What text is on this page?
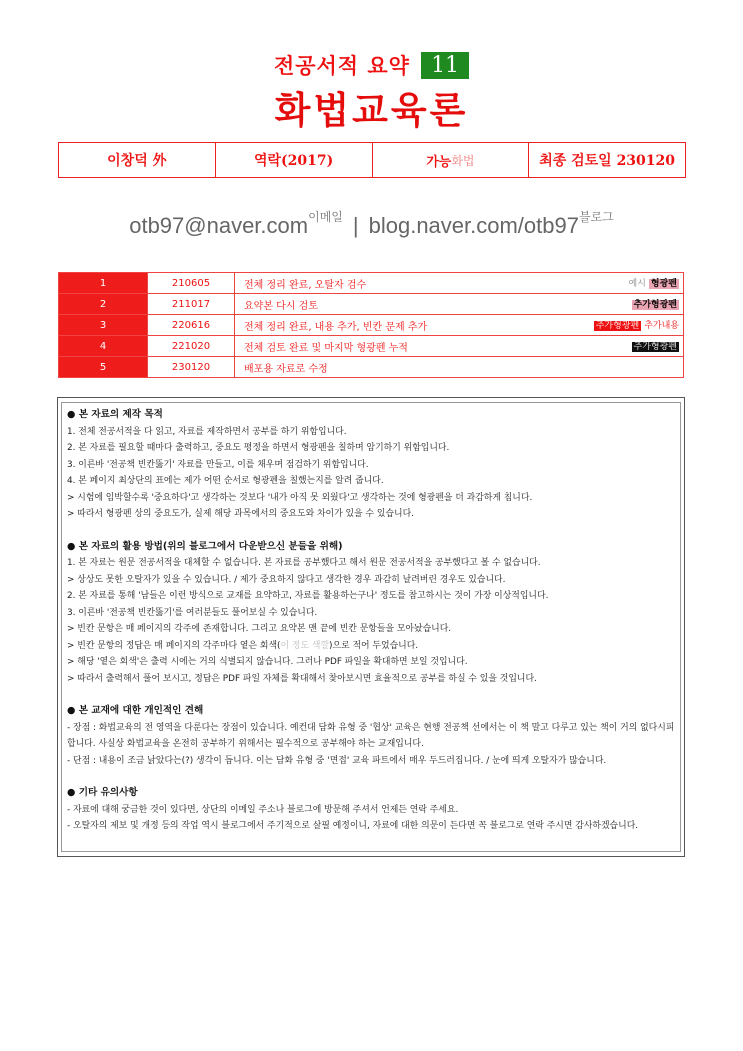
전공서적 요약 11
화법교육론
이창덕 外	역락(2017)	가능 화법	최종 검토일 230120
otb97@naver.com$^{이메일}$ | $blog.naver.com/otb97^{블로그}$
1	210605	전체 정리 완료, 오탈자 검수 예시 형광펜

2	211017	요약본 다시 검토 추가형광펜

3	220616	전체 정리 완료, 내용 추가, 빈칸 문제 추가 추가형광펜 추가내용

4	221020	전체 검토 완료 및 마지막 형광펜 누적 추가형광펜

5	230120	배포용 자료로 수정

● 본 자료의 제작 목적

1. 전체 전공서적을 다 읽고, 자료를 제작하면서 공부를 하기 위함입니다.

2. 본 자료를 필요할 때마다 출력하고, 중요도 평정을 하면서 형광펜을 칠하며 암기하기 위함입니다.

3. 이른바 '전공책 빈칸뚫기' 자료를 만들고, 이를 채우며 점검하기 위함입니다.

4. 본 페이지 최상단의 표에는 제가 어떤 순서로 형광펜을 칠했는지를 알려 줍니다.

> 시험에 임박할수록 '중요하다'고 생각하는 것보다 '내가 아직 못 외웠다'고 생각하는 것에 형광펜을 더 과감하게 칩니다.

> 따라서 형광펜 상의 중요도가, 실제 해당 과목에서의 중요도와 차이가 있을 수 있습니다.

● 본 자료의 활용 방법(위의 블로그에서 다운받으신 분들을 위해)

1. 본 자료는 원문 전공서적을 대체할 수 없습니다. 본 자료를 공부했다고 해서 원문 전공서적을 공부했다고 볼 수 없습니다.

> 상상도 못한 오탈자가 있을 수 있습니다. / 제가 중요하지 않다고 생각한 경우 과감히 날려버린 경우도 있습니다.

2. 본 자료를 통해 '남들은 이런 방식으로 교재를 요약하고, 자료를 활용하는구나' 정도를 참고하시는 것이 가장 이상적입니다.

3. 이른바 '전공책 빈칸뚫기'를 여러분들도 풀어보실 수 있습니다.

> 빈칸 문항은 매 페이지의 각주에 존재합니다. 그리고 요약본 맨 끝에 빈칸 문항들을 모아놨습니다.

> 빈칸 문항의 정답은 매 페이지의 각주마다 옅은 회색(이 정도 색깔)으로 적어 두었습니다.

> 해당 '옅은 회색'은 출력 시에는 거의 식별되지 않습니다. 그러나 PDF 파일을 확대하면 보일 것입니다.

> 따라서 출력해서 풀어 보시고, 정답은 PDF 파일 자체를 확대해서 찾아보시면 효율적으로 공부를 하실 수 있을 것입니다.

● 본 교재에 대한 개인적인 견해

- 장점 : 화법교육의 전 영역을 다룬다는 장점이 있습니다. 예컨대 담화 유형 중 '협상' 교육은 현행 전공책 선에서는 이 책 말고 다루고 있는 책이 거의 없다시피 합니다. 사실상 화법교육을 온전히 공부하기 위해서는 필수적으로 공부해야 하는 교재입니다.

- 단점 : 내용이 조금 낡았다는(?) 생각이 듭니다. 이는 담화 유형 중 '면접' 교육 파트에서 매우 두드러집니다. / 눈에 띄게 오탈자가 많습니다.

● 기타 유의사항

- 자료에 대해 궁금한 것이 있다면, 상단의 이메일 주소나 블로그에 방문해 주셔서 언제든 연락 주세요.

- 오탈자의 제보 및 개정 등의 작업 역시 블로그에서 주기적으로 살필 예정이니, 자료에 대한 의문이 든다면 꼭 블로그로 연락 주시면 감사하겠습니다.
